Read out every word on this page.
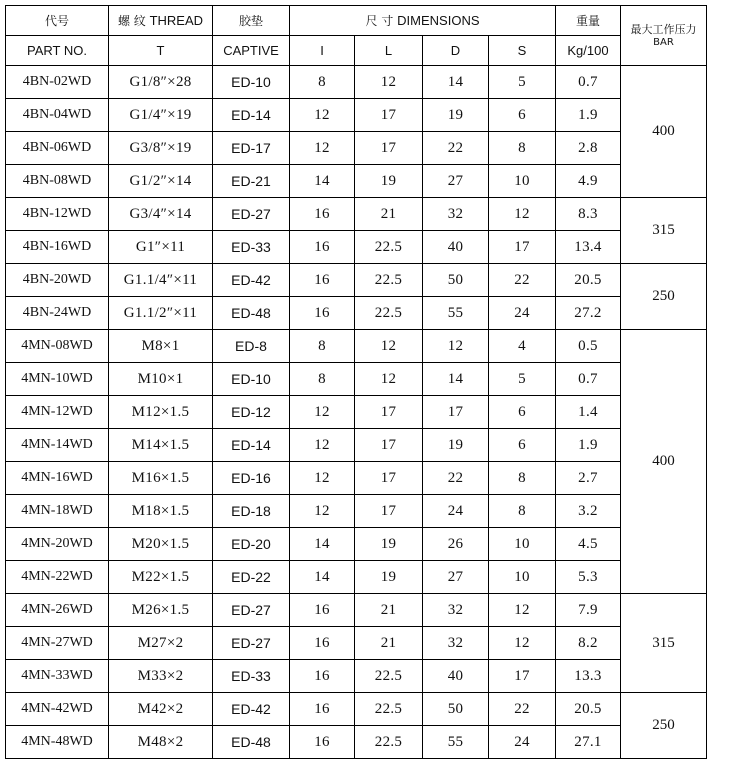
代号	螺 纹 THREAD	胶垫	尺 寸 DIMENSIONS				重量	最大工作压力
BAR

PART NO.	T	CAPTIVE	I	L	D	S	Kg/100	
4BN-02WD	G1/8″×28	ED-10	8	12	14	5	0.7	400
4BN-04WD	G1/4″×19	ED-14	12	17	19	6	1.9	
4BN-06WD	G3/8″×19	ED-17	12	17	22	8	2.8	
4BN-08WD	G1/2″×14	ED-21	14	19	27	10	4.9	
4BN-12WD	G3/4″×14	ED-27	16	21	32	12	8.3	315
4BN-16WD	G1″×11	ED-33	16	22.5	40	17	13.4	
4BN-20WD	G1.1/4″×11	ED-42	16	22.5	50	22	20.5	250
4BN-24WD	G1.1/2″×11	ED-48	16	22.5	55	24	27.2	
4MN-08WD	M8×1	ED-8	8	12	12	4	0.5	400
4MN-10WD	M10×1	ED-10	8	12	14	5	0.7	
4MN-12WD	M12×1.5	ED-12	12	17	17	6	1.4	
4MN-14WD	M14×1.5	ED-14	12	17	19	6	1.9	
4MN-16WD	M16×1.5	ED-16	12	17	22	8	2.7	
4MN-18WD	M18×1.5	ED-18	12	17	24	8	3.2	
4MN-20WD	M20×1.5	ED-20	14	19	26	10	4.5	
4MN-22WD	M22×1.5	ED-22	14	19	27	10	5.3	
4MN-26WD	M26×1.5	ED-27	16	21	32	12	7.9	315
4MN-27WD	M27×2	ED-27	16	21	32	12	8.2	
4MN-33WD	M33×2	ED-33	16	22.5	40	17	13.3	
4MN-42WD	M42×2	ED-42	16	22.5	50	22	20.5	250
4MN-48WD	M48×2	ED-48	16	22.5	55	24	27.1	
